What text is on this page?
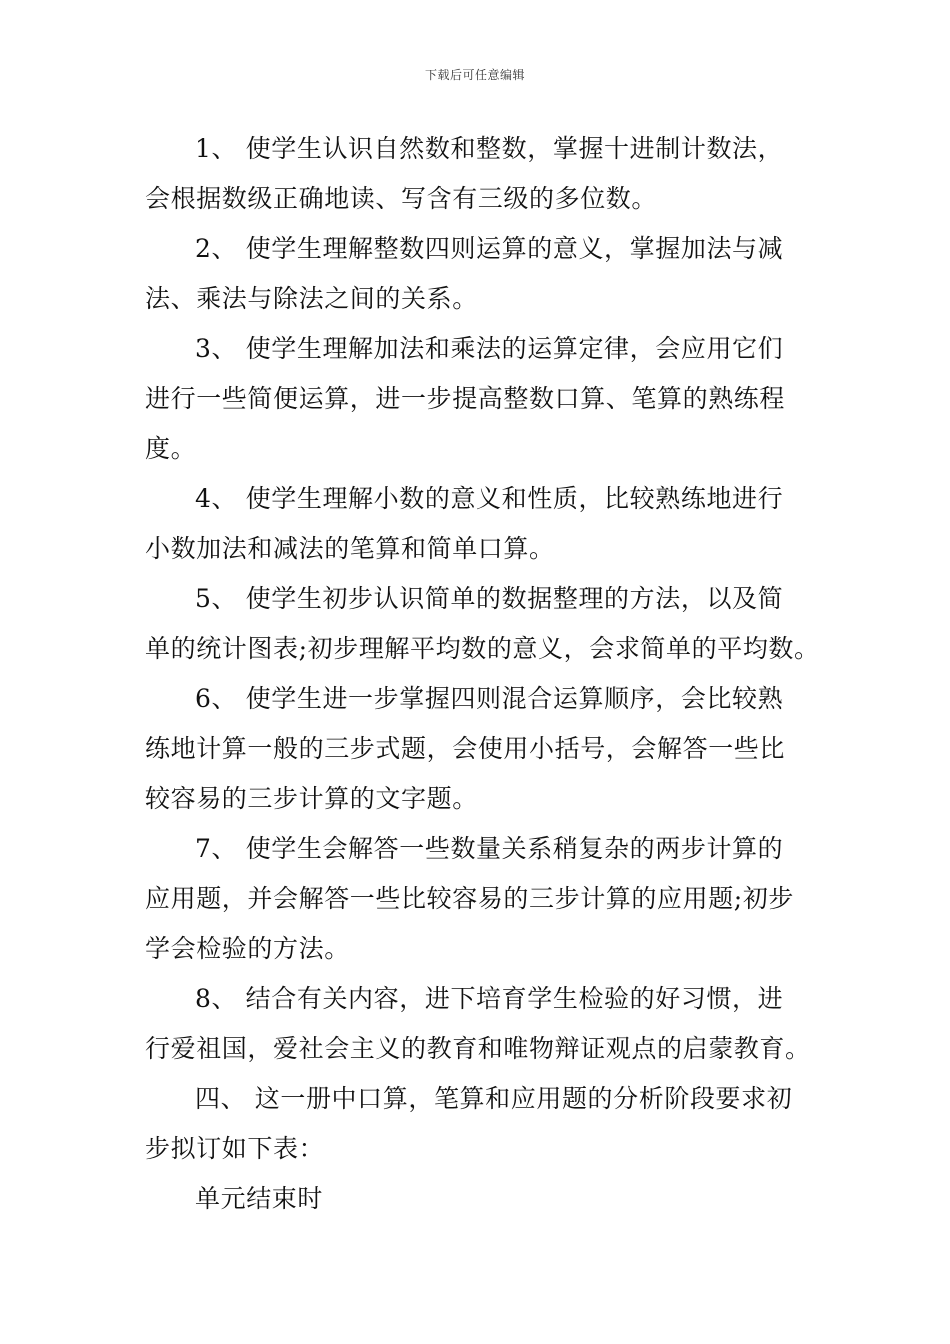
下载后可任意编辑
1、 使学生认识自然数和整数，掌握十进制计数法，
会根据数级正确地读、写含有三级的多位数。
2、 使学生理解整数四则运算的意义，掌握加法与减
法、乘法与除法之间的关系。
3、 使学生理解加法和乘法的运算定律，会应用它们
进行一些简便运算，进一步提高整数口算、笔算的熟练程
度。
4、 使学生理解小数的意义和性质，比较熟练地进行
小数加法和减法的笔算和简单口算。
5、 使学生初步认识简单的数据整理的方法，以及简
单的统计图表;初步理解平均数的意义，会求简单的平均数。
6、 使学生进一步掌握四则混合运算顺序，会比较熟
练地计算一般的三步式题，会使用小括号，会解答一些比
较容易的三步计算的文字题。
7、 使学生会解答一些数量关系稍复杂的两步计算的
应用题，并会解答一些比较容易的三步计算的应用题;初步
学会检验的方法。
8、 结合有关内容，进下培育学生检验的好习惯，进
行爱祖国，爱社会主义的教育和唯物辩证观点的启蒙教育。
四、 这一册中口算，笔算和应用题的分析阶段要求初
步拟订如下表：
单元结束时
